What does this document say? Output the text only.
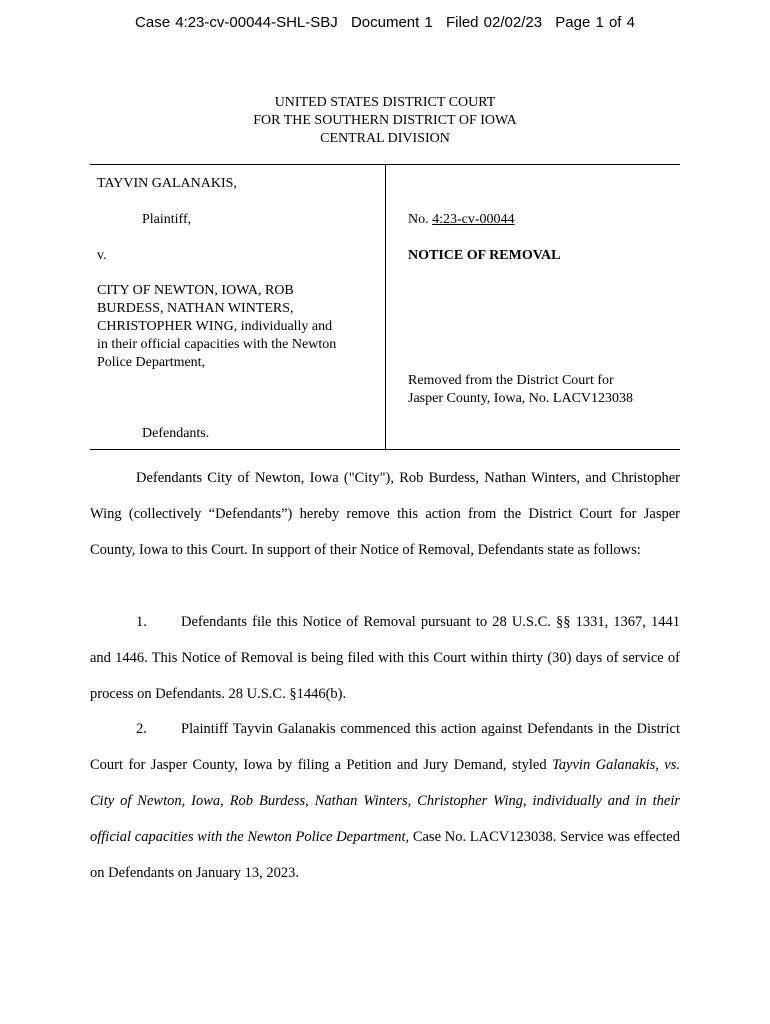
Case 4:23-cv-00044-SHL-SBJ Document 1 Filed 02/02/23 Page 1 of 4
UNITED STATES DISTRICT COURT
FOR THE SOUTHERN DISTRICT OF IOWA
CENTRAL DIVISION
TAYVIN GALANAKIS,
Plaintiff,
v.
CITY OF NEWTON, IOWA, ROB
BURDESS, NATHAN WINTERS,
CHRISTOPHER WING, individually and
in their official capacities with the Newton
Police Department,
Defendants.
No. 4:23-cv-00044
NOTICE OF REMOVAL
Removed from the District Court for
Jasper County, Iowa, No. LACV123038

Defendants City of Newton, Iowa ("City"), Rob Burdess, Nathan Winters, and Christopher Wing (collectively “Defendants”) hereby remove this action from the District Court for Jasper County, Iowa to this Court. In support of their Notice of Removal, Defendants state as follows:

1. Defendants file this Notice of Removal pursuant to 28 U.S.C. §§ 1331, 1367, 1441 and 1446. This Notice of Removal is being filed with this Court within thirty (30) days of service of process on Defendants. 28 U.S.C. §1446(b).

2. Plaintiff Tayvin Galanakis commenced this action against Defendants in the District Court for Jasper County, Iowa by filing a Petition and Jury Demand, styled Tayvin Galanakis, vs. City of Newton, Iowa, Rob Burdess, Nathan Winters, Christopher Wing, individually and in their official capacities with the Newton Police Department, Case No. LACV123038. Service was effected on Defendants on January 13, 2023.
